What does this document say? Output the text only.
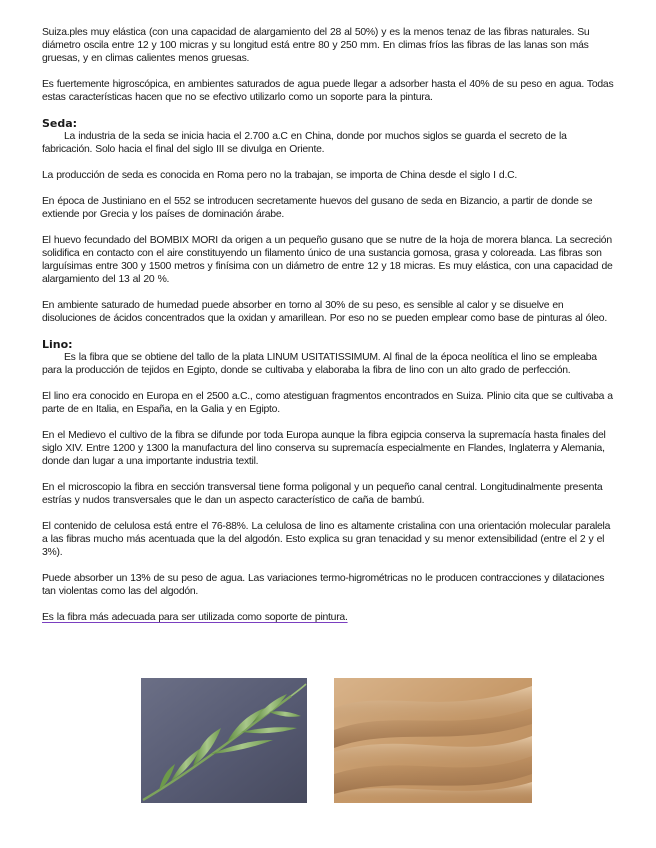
Suiza.ples muy elástica (con una capacidad de alargamiento del 28 al 50%) y es la menos tenaz de las fibras naturales. Su diámetro oscila entre 12 y 100 micras y su longitud está entre 80 y 250 mm. En climas fríos las fibras de las lanas son más gruesas, y en climas calientes menos gruesas.

Es fuertemente higroscópica, en ambientes saturados de agua puede llegar a adsorber hasta el 40% de su peso en agua. Todas estas características hacen que no se efectivo utilizarlo como un soporte para la pintura.

Seda:

La industria de la seda se inicia hacia el 2.700 a.C en China, donde por muchos siglos se guarda el secreto de la fabricación. Solo hacia el final del siglo III se divulga en Oriente.

La producción de seda es conocida en Roma pero no la trabajan, se importa de China desde el siglo I d.C.

En época de Justiniano en el 552 se introducen secretamente huevos del gusano de seda en Bizancio, a partir de donde se extiende por Grecia y los países de dominación árabe.

El huevo fecundado del BOMBIX MORI da origen a un pequeño gusano que se nutre de la hoja de morera blanca. La secreción solidifica en contacto con el aire constituyendo un filamento único de una sustancia gomosa, grasa y coloreada. Las fibras son larguísimas entre 300 y 1500 metros y finísima con un diámetro de entre 12 y 18 micras. Es muy elástica, con una capacidad de alargamiento del 13 al 20 %.

En ambiente saturado de humedad puede absorber en torno al 30% de su peso, es sensible al calor y se disuelve en disoluciones de ácidos concentrados que la oxidan y amarillean. Por eso no se pueden emplear como base de pinturas al óleo.

Lino:

Es la fibra que se obtiene del tallo de la plata LINUM USITATISSIMUM. Al final de la época neolítica el lino se empleaba para la producción de tejidos en Egipto, donde se cultivaba y elaboraba la fibra de lino con un alto grado de perfección.

El lino era conocido en Europa en el 2500 a.C., como atestiguan fragmentos encontrados en Suiza. Plinio cita que se cultivaba a parte de en Italia, en España, en la Galia y en Egipto.

En el Medievo el cultivo de la fibra se difunde por toda Europa aunque la fibra egipcia conserva la supremacía hasta finales del siglo XIV. Entre 1200 y 1300 la manufactura del lino conserva su supremacía especialmente en Flandes, Inglaterra y Alemania, donde dan lugar a una importante industria textil.

En el microscopio la fibra en sección transversal tiene forma poligonal y un pequeño canal central. Longitudinalmente presenta estrías y nudos transversales que le dan un aspecto característico de caña de bambú.

El contenido de celulosa está entre el 76-88%. La celulosa de lino es altamente cristalina con una orientación molecular paralela a las fibras mucho más acentuada que la del algodón. Esto explica su gran tenacidad y su menor extensibilidad (entre el 2 y el 3%).

Puede absorber un 13% de su peso de agua. Las variaciones termo-higrométricas no le producen contracciones y dilataciones tan violentas como las del algodón.

Es la fibra más adecuada para ser utilizada como soporte de pintura.
